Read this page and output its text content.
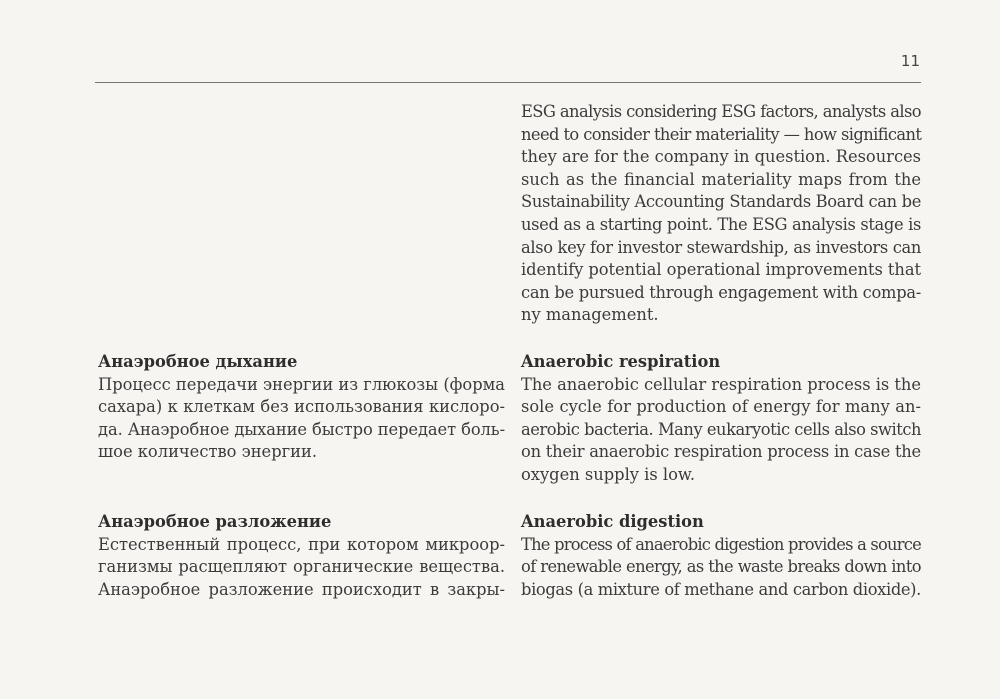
11
ESG analysis considering ESG factors, analysts also
need to consider their materiality — how significant
they are for the company in question. Resources
such as the financial materiality maps from the
Sustainability Accounting Standards Board can be
used as a starting point. The ESG analysis stage is
also key for investor stewardship, as investors can
identify potential operational improvements that
can be pursued through engagement with compa-
ny management.
Анаэробное дыхание
Процесс передачи энергии из глюкозы (форма
сахара) к клеткам без использования кислоро-
да. Анаэробное дыхание быстро передает боль-
шое количество энергии.
Anaerobic respiration
The anaerobic cellular respiration process is the
sole cycle for production of energy for many an-
aerobic bacteria. Many eukaryotic cells also switch
on their anaerobic respiration process in case the
oxygen supply is low.
Анаэробное разложение
Естественный процесс, при котором микроор-
ганизмы расщепляют органические вещества.
Анаэробное разложение происходит в закры-
Anaerobic digestion
The process of anaerobic digestion provides a source
of renewable energy, as the waste breaks down into
biogas (a mixture of methane and carbon dioxide).
